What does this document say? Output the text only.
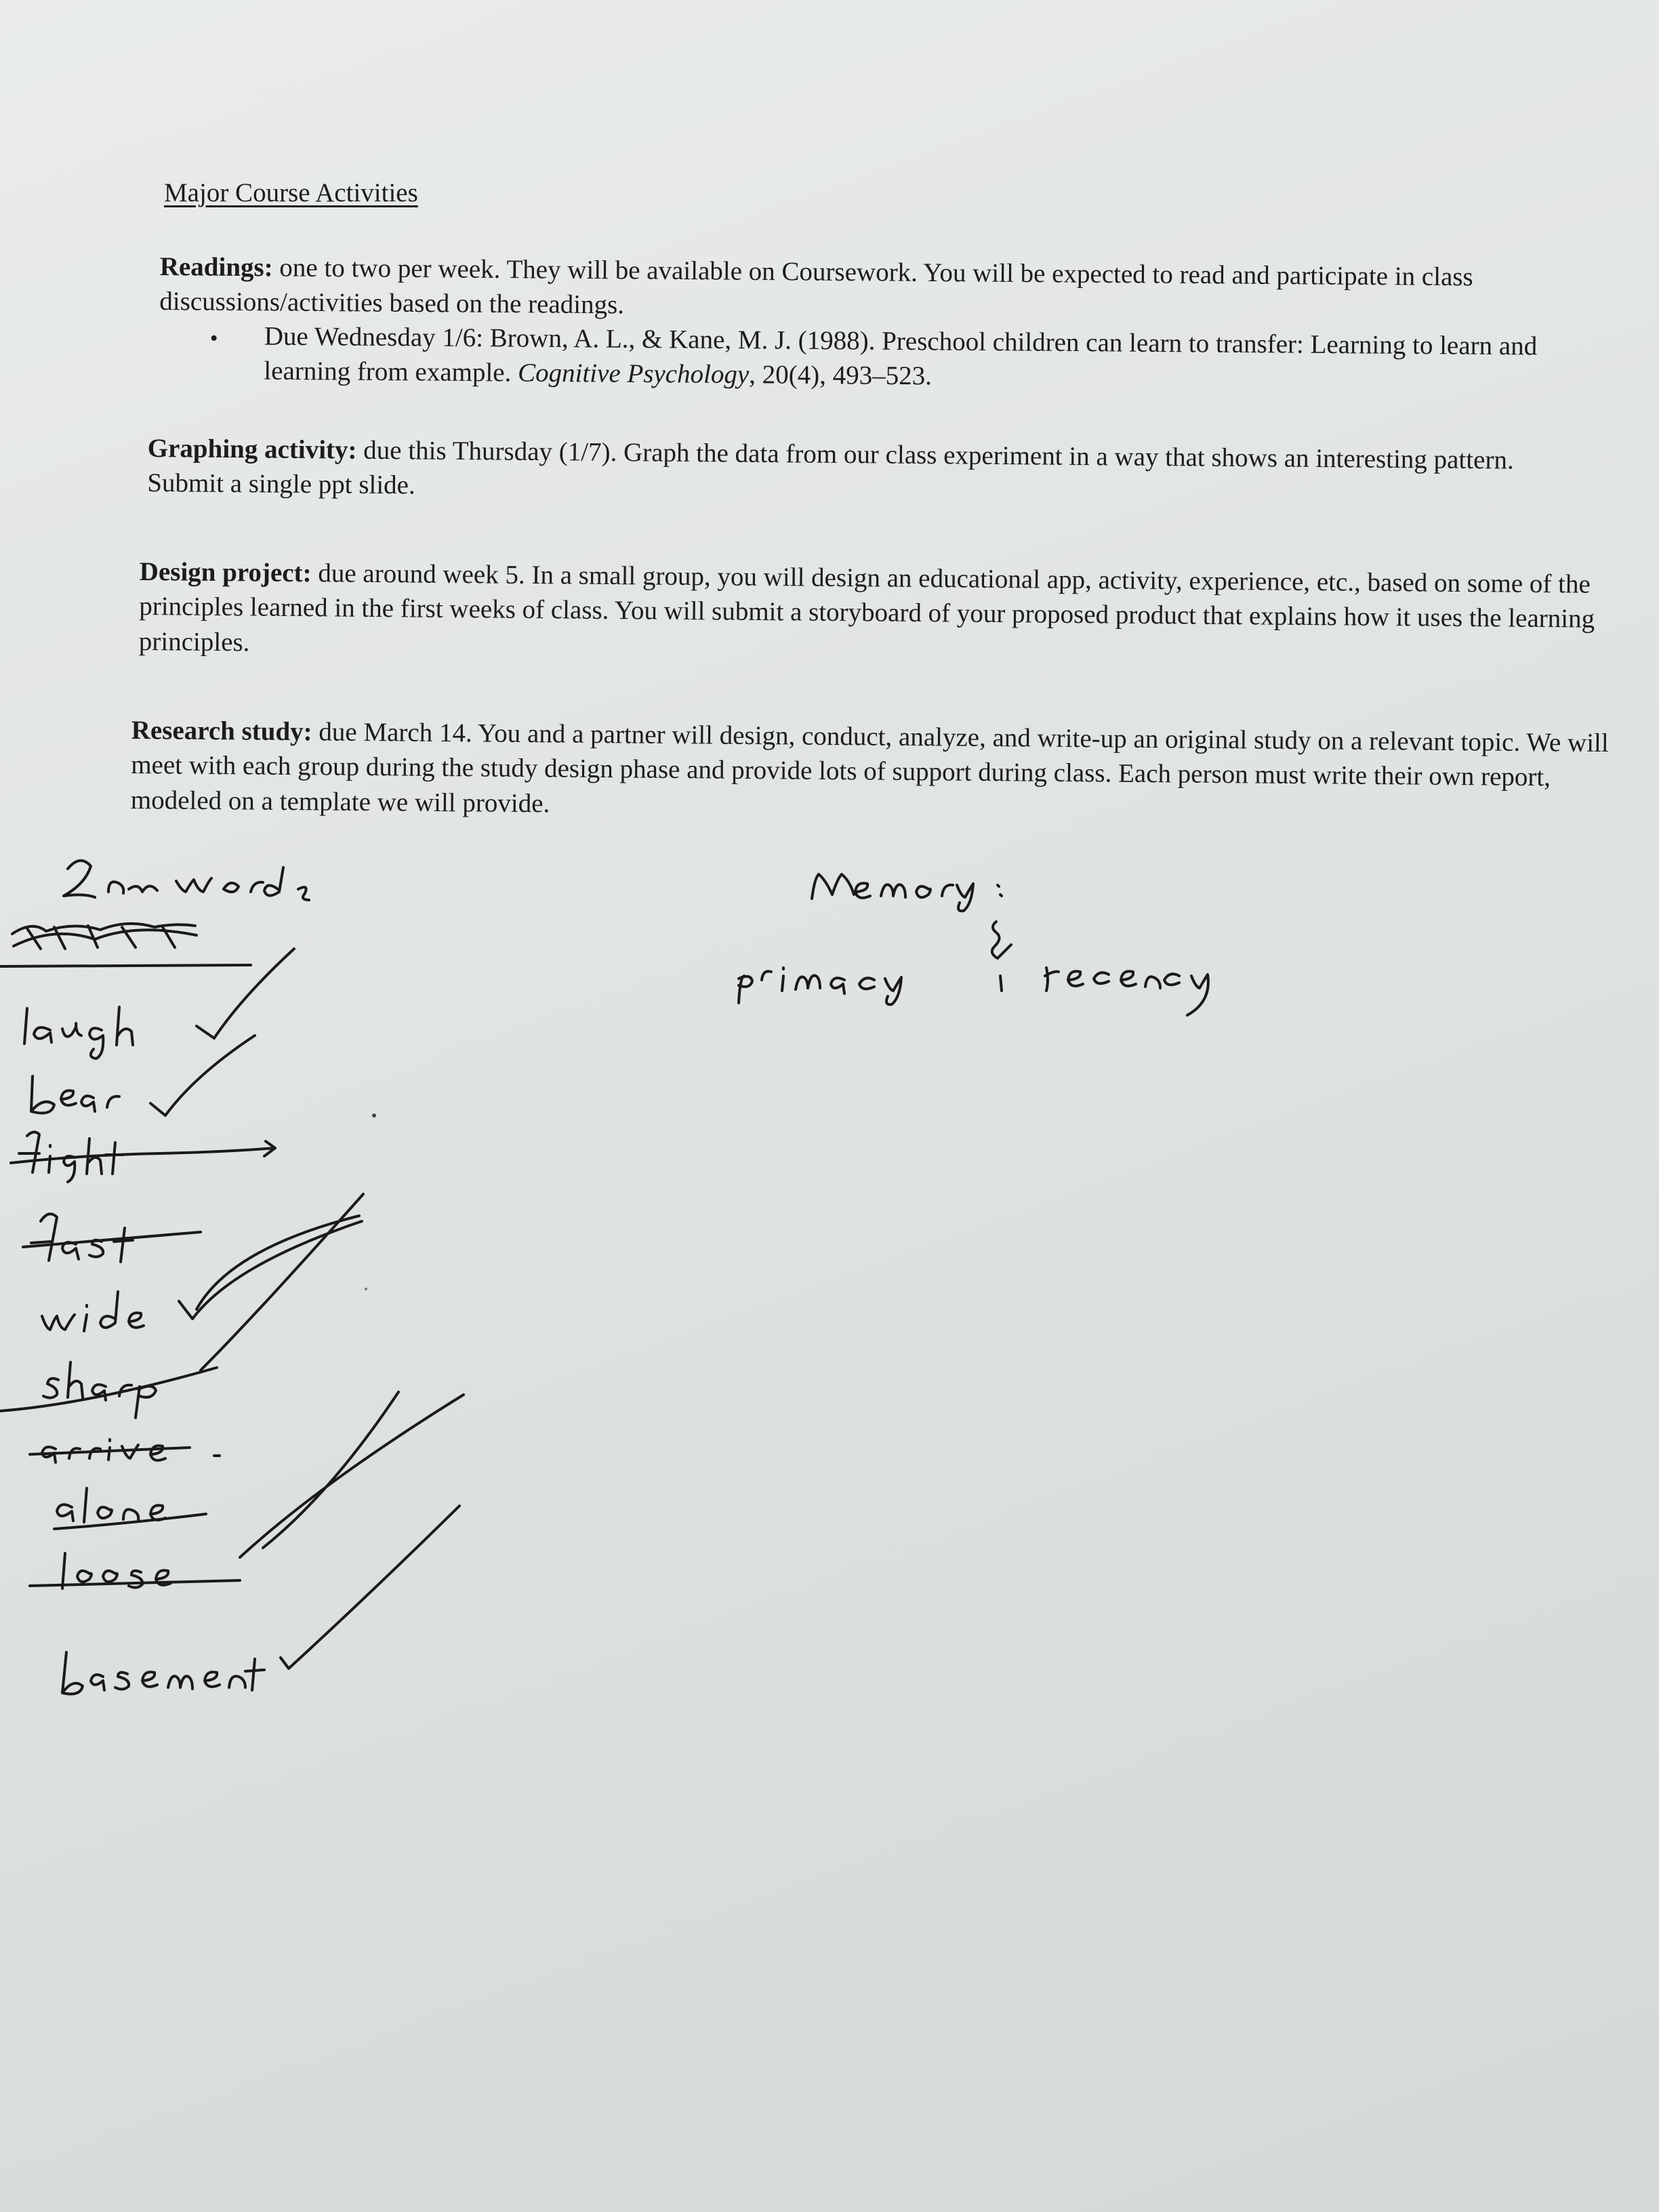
Major Course Activities
Readings: one to two per week. They will be available on Coursework. You will be expected to read and participate in class discussions/activities based on the readings.
• Due Wednesday 1/6: Brown, A. L., & Kane, M. J. (1988). Preschool children can learn to transfer: Learning to learn and learning from example. Cognitive Psychology, 20(4), 493–523.
Graphing activity: due this Thursday (1/7). Graph the data from our class experiment in a way that shows an interesting pattern. Submit a single ppt slide.
Design project: due around week 5. In a small group, you will design an educational app, activity, experience, etc., based on some of the principles learned in the first weeks of class. You will submit a storyboard of your proposed product that explains how it uses the learning principles.
Research study: due March 14. You and a partner will design, conduct, analyze, and write-up an original study on a relevant topic. We will meet with each group during the study design phase and provide lots of support during class. Each person must write their own report, modeled on a template we will provide.
